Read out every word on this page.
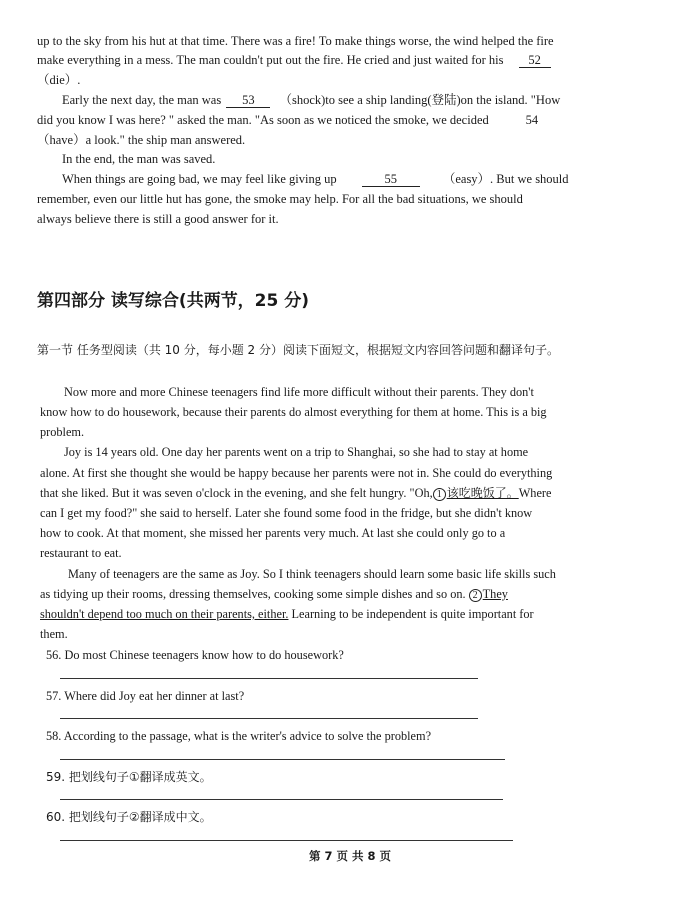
up to the sky from his hut at that time. There was a fire! To make things worse, the wind helped the fire
make everything in a mess. The man couldn't put out the fire. He cried and just waited for his 52
（die）.
Early the next day, the man was 53 （shock)to see a ship landing(登陆)on the island. "How
did you know I was here? " asked the man. "As soon as we noticed the smoke, we decided	54
（have）a look." the ship man answered.
In the end, the man was saved.
When things are going bad, we may feel like giving up	55	（easy）. But we should
remember, even our little hut has gone, the smoke may help. For all the bad situations, we should
always believe there is still a good answer for it.
第四部分 读写综合(共两节，25 分)
第一节 任务型阅读（共 10 分，每小题 2 分）阅读下面短文，根据短文内容回答问题和翻译句子。
Now more and more Chinese teenagers find life more difficult without their parents. They don't
know how to do housework, because their parents do almost everything for them at home. This is a big
problem.
Joy is 14 years old. One day her parents went on a trip to Shanghai, so she had to stay at home
alone. At first she thought she would be happy because her parents were not in. She could do everything
that she liked. But it was seven o'clock in the evening, and she felt hungry. "Oh, 1 该吃晚饭了。Where
can I get my food?" she said to herself. Later she found some food in the fridge, but she didn't know
how to cook. At that moment, she missed her parents very much. At last she could only go to a
restaurant to eat.
Many of teenagers are the same as Joy. So I think teenagers should learn some basic life skills such
as tidying up their rooms, dressing themselves, cooking some simple dishes and so on. 2 They
shouldn't depend too much on their parents, either. Learning to be independent is quite important for
them.
56. Do most Chinese teenagers know how to do housework?
57. Where did Joy eat her dinner at last?
58. According to the passage, what is the writer's advice to solve the problem?
59. 把划线句子①翻译成英文。
60. 把划线句子②翻译成中文。
第 7 页 共 8 页
